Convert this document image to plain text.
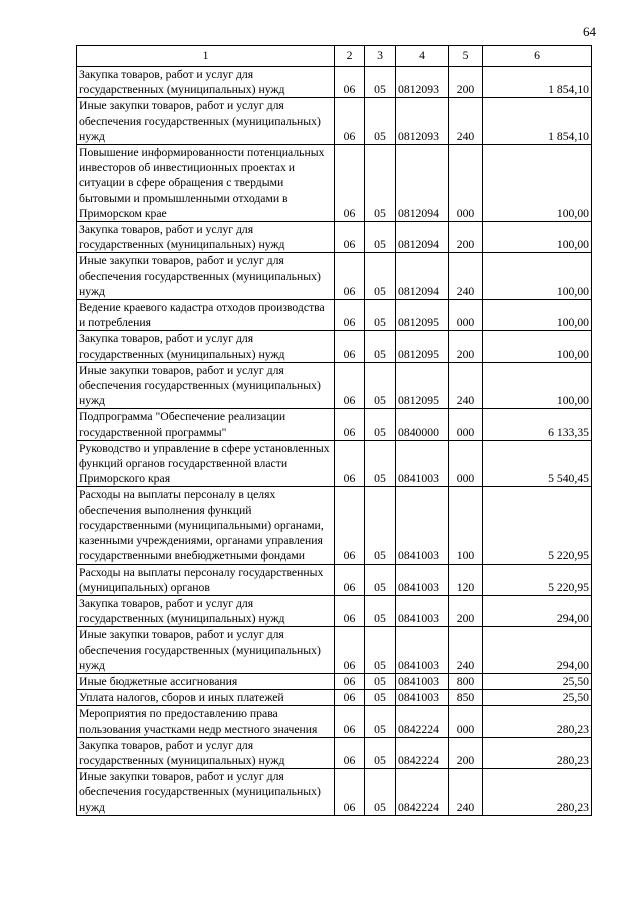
64
1	2	3	4	5	6
Закупка товаров, работ и услуг для государственных (муниципальных) нужд	06	05	0812093	200	1 854,10
Иные закупки товаров, работ и услуг для обеспечения государственных (муниципальных) нужд	06	05	0812093	240	1 854,10
Повышение информированности потенциальных инвесторов об инвестиционных проектах и ситуации в сфере обращения с твердыми бытовыми и промышленными отходами в Приморском крае	06	05	0812094	000	100,00
Закупка товаров, работ и услуг для государственных (муниципальных) нужд	06	05	0812094	200	100,00
Иные закупки товаров, работ и услуг для обеспечения государственных (муниципальных) нужд	06	05	0812094	240	100,00
Ведение краевого кадастра отходов производства и потребления	06	05	0812095	000	100,00
Закупка товаров, работ и услуг для государственных (муниципальных) нужд	06	05	0812095	200	100,00
Иные закупки товаров, работ и услуг для обеспечения государственных (муниципальных) нужд	06	05	0812095	240	100,00
Подпрограмма "Обеспечение реализации государственной программы"	06	05	0840000	000	6 133,35
Руководство и управление в сфере установленных функций органов государственной власти Приморского края	06	05	0841003	000	5 540,45
Расходы на выплаты персоналу в целях обеспечения выполнения функций государственными (муниципальными) органами, казенными учреждениями, органами управления государственными внебюджетными фондами	06	05	0841003	100	5 220,95
Расходы на выплаты персоналу государственных (муниципальных) органов	06	05	0841003	120	5 220,95
Закупка товаров, работ и услуг для государственных (муниципальных) нужд	06	05	0841003	200	294,00
Иные закупки товаров, работ и услуг для обеспечения государственных (муниципальных) нужд	06	05	0841003	240	294,00
Иные бюджетные ассигнования	06	05	0841003	800	25,50
Уплата налогов, сборов и иных платежей	06	05	0841003	850	25,50
Мероприятия по предоставлению права пользования участками недр местного значения	06	05	0842224	000	280,23
Закупка товаров, работ и услуг для государственных (муниципальных) нужд	06	05	0842224	200	280,23
Иные закупки товаров, работ и услуг для обеспечения государственных (муниципальных) нужд	06	05	0842224	240	280,23
